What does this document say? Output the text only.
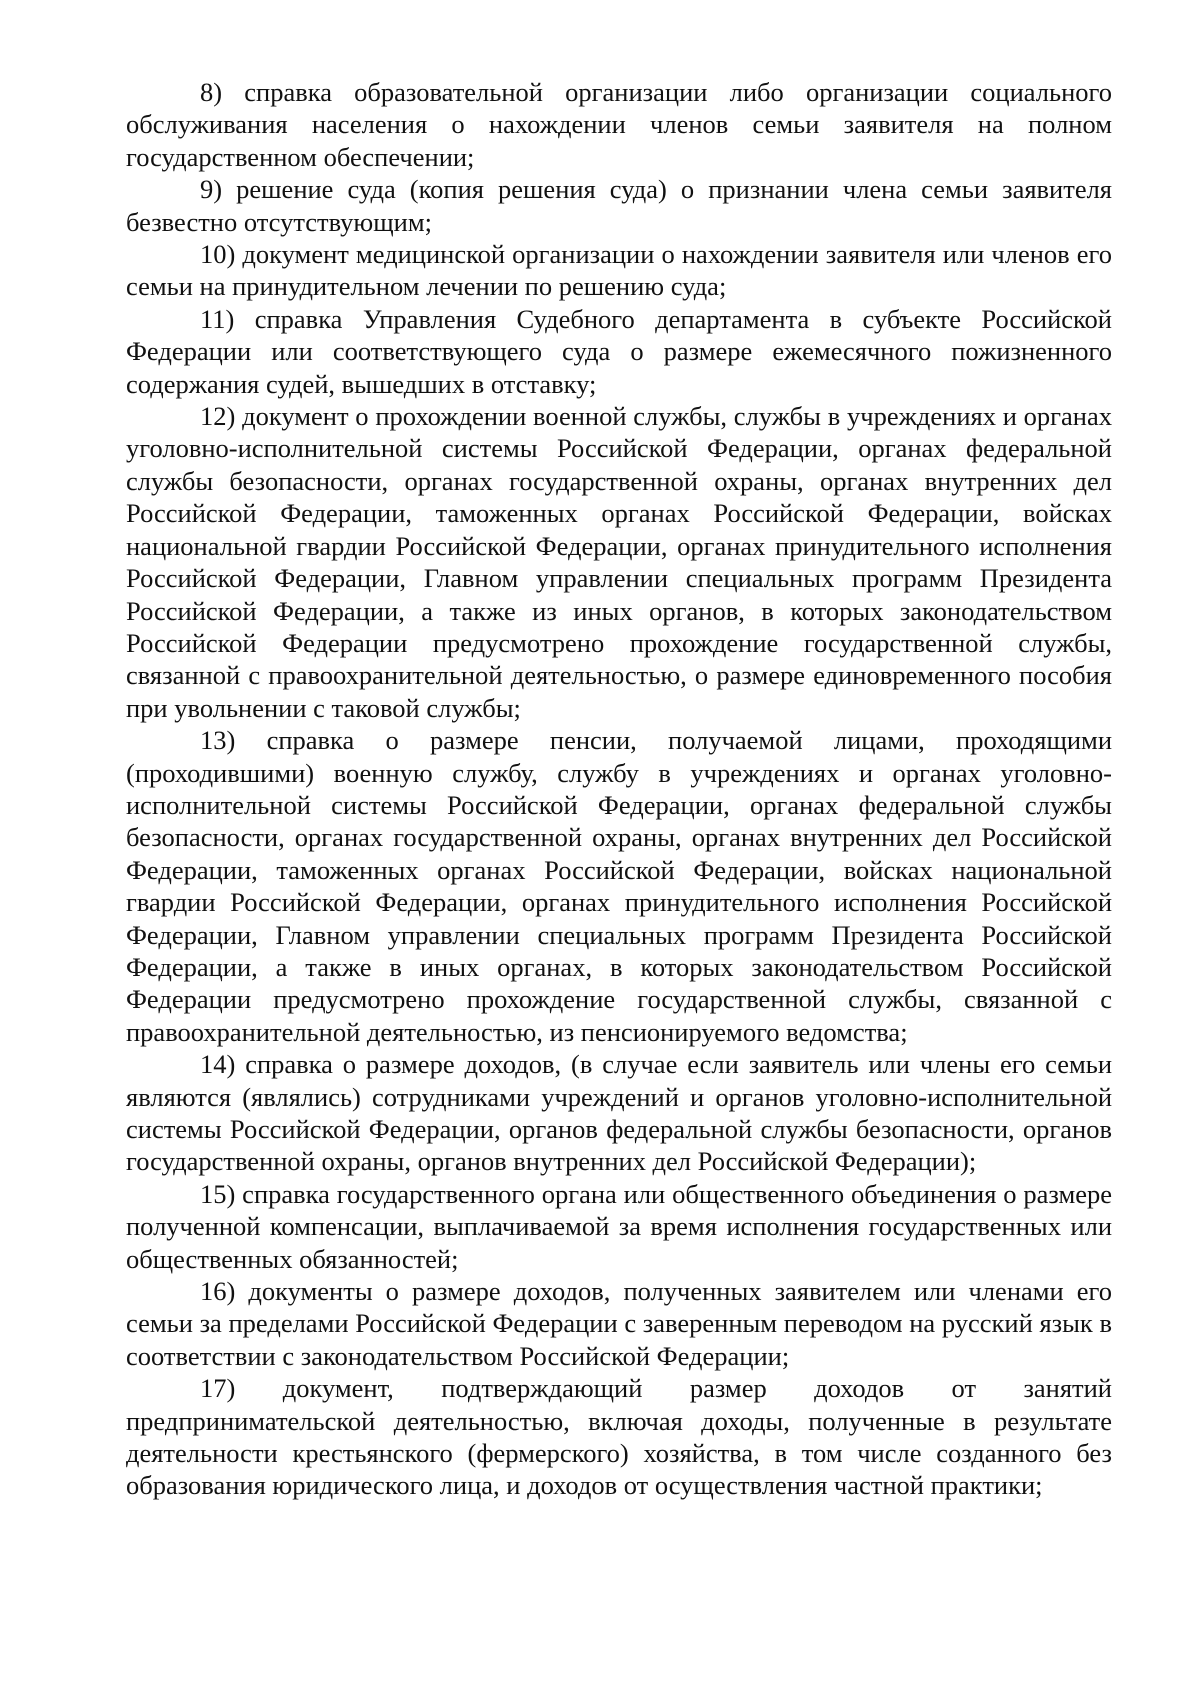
8) справка образовательной организации либо организации социального обслуживания населения о нахождении членов семьи заявителя на полном государственном обеспечении;

9) решение суда (копия решения суда) о признании члена семьи заявителя безвестно отсутствующим;

10) документ медицинской организации о нахождении заявителя или членов его семьи на принудительном лечении по решению суда;

11) справка Управления Судебного департамента в субъекте Российской Федерации или соответствующего суда о размере ежемесячного пожизненного содержания судей, вышедших в отставку;

12) документ о прохождении военной службы, службы в учреждениях и органах уголовно-исполнительной системы Российской Федерации, органах федеральной службы безопасности, органах государственной охраны, органах внутренних дел Российской Федерации, таможенных органах Российской Федерации, войсках национальной гвардии Российской Федерации, органах принудительного исполнения Российской Федерации, Главном управлении специальных программ Президента Российской Федерации, а также из иных органов, в которых законодательством Российской Федерации предусмотрено прохождение государственной службы, связанной с правоохранительной деятельностью, о размере единовременного пособия при увольнении с таковой службы;

13) справка о размере пенсии, получаемой лицами, проходящими (проходившими) военную службу, службу в учреждениях и органах уголовно-исполнительной системы Российской Федерации, органах федеральной службы безопасности, органах государственной охраны, органах внутренних дел Российской Федерации, таможенных органах Российской Федерации, войсках национальной гвардии Российской Федерации, органах принудительного исполнения Российской Федерации, Главном управлении специальных программ Президента Российской Федерации, а также в иных органах, в которых законодательством Российской Федерации предусмотрено прохождение государственной службы, связанной с правоохранительной деятельностью, из пенсионируемого ведомства;

14) справка о размере доходов, (в случае если заявитель или члены его семьи являются (являлись) сотрудниками учреждений и органов уголовно-исполнительной системы Российской Федерации, органов федеральной службы безопасности, органов государственной охраны, органов внутренних дел Российской Федерации);

15) справка государственного органа или общественного объединения о размере полученной компенсации, выплачиваемой за время исполнения государственных или общественных обязанностей;

16) документы о размере доходов, полученных заявителем или членами его семьи за пределами Российской Федерации с заверенным переводом на русский язык в соответствии с законодательством Российской Федерации;

17) документ, подтверждающий размер доходов от занятий предпринимательской деятельностью, включая доходы, полученные в результате деятельности крестьянского (фермерского) хозяйства, в том числе созданного без образования юридического лица, и доходов от осуществления частной практики;
